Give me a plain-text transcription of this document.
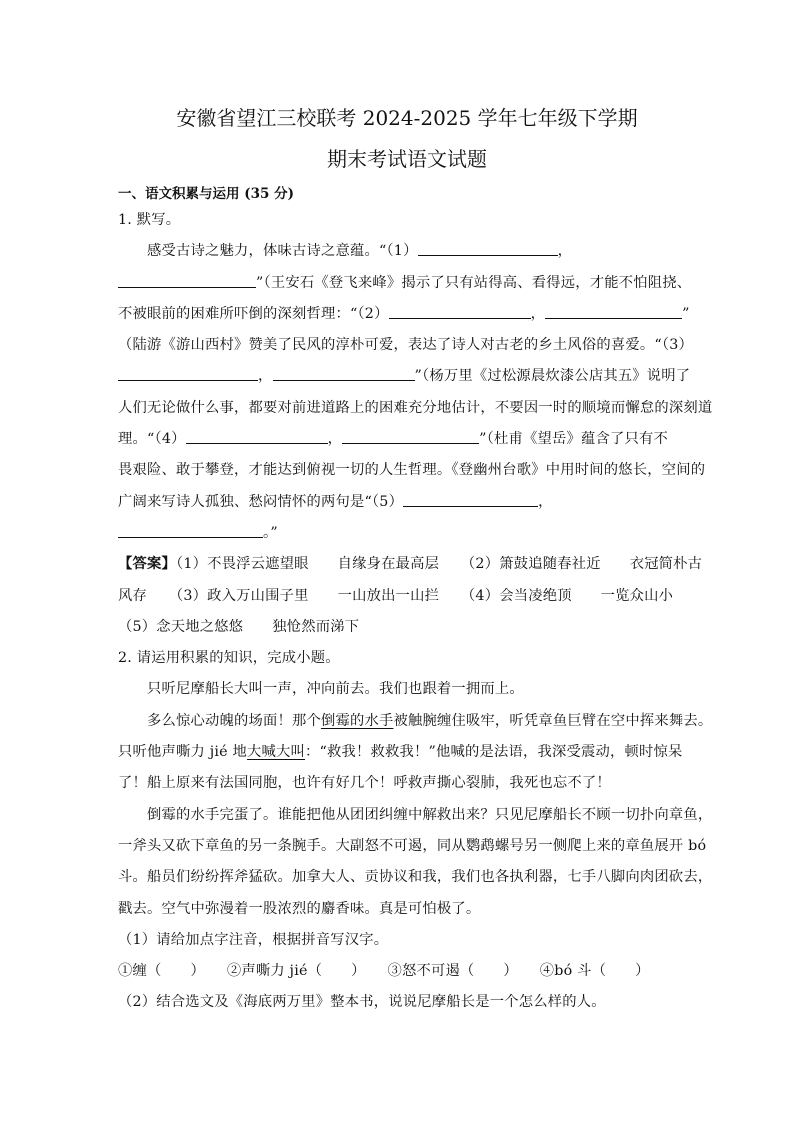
安徽省望江三校联考 2024-2025 学年七年级下学期
期末考试语文试题
一、语文积累与运用 (35 分)

1. 默写。

感受古诗之魅力，体味古诗之意蕴。“（1）	，

”（王安石《登飞来峰》揭示了只有站得高、看得远，才能不怕阻挠、

不被眼前的困难所吓倒的深刻哲理：“（2）	，	”

（陆游《游山西村》赞美了民风的淳朴可爱，表达了诗人对古老的乡土风俗的喜爱。“（3）

，	”（杨万里《过松源晨炊漆公店其五》说明了

人们无论做什么事，都要对前进道路上的困难充分地估计，不要因一时的顺境而懈怠的深刻道

理。“（4）	，	”（杜甫《望岳》蕴含了只有不

畏艰险、敢于攀登，才能达到俯视一切的人生哲理。《登幽州台歌》中用时间的悠长，空间的

广阔来写诗人孤独、愁闷情怀的两句是“（5）	，

。”

【答案】（1）不畏浮云遮望眼　　自缘身在最高层　　（2）箫鼓追随春社近　　衣冠简朴古

风存　　（3）政入万山围子里　　一山放出一山拦　　（4）会当凌绝顶　　一览众山小

（5）念天地之悠悠　　独怆然而涕下

2. 请运用积累的知识，完成小题。

只听尼摩船长大叫一声，冲向前去。我们也跟着一拥而上。

多么惊心动魄的场面！那个倒霉的水手被触腕缠住吸牢，听凭章鱼巨臂在空中挥来舞去。

只听他声嘶力 jié 地大喊大叫：“救我！救救我！”他喊的是法语，我深受震动，顿时惊呆

了！船上原来有法国同胞，也许有好几个！呼救声撕心裂肺，我死也忘不了！

倒霉的水手完蛋了。谁能把他从团团纠缠中解救出来？只见尼摩船长不顾一切扑向章鱼，

一斧头又砍下章鱼的另一条腕手。大副怒不可遏，同从鹦鹉螺号另一侧爬上来的章鱼展开 bó

斗。船员们纷纷挥斧猛砍。加拿大人、贡协议和我，我们也各执利器，七手八脚向肉团砍去，

戳去。空气中弥漫着一股浓烈的麝香味。真是可怕极了。

（1）请给加点字注音，根据拼音写汉字。

①缠（　　）　　②声嘶力 jié（　　）　　③怒不可遏（　　）　　④bó 斗（　　）

（2）结合选文及《海底两万里》整本书，说说尼摩船长是一个怎么样的人。
